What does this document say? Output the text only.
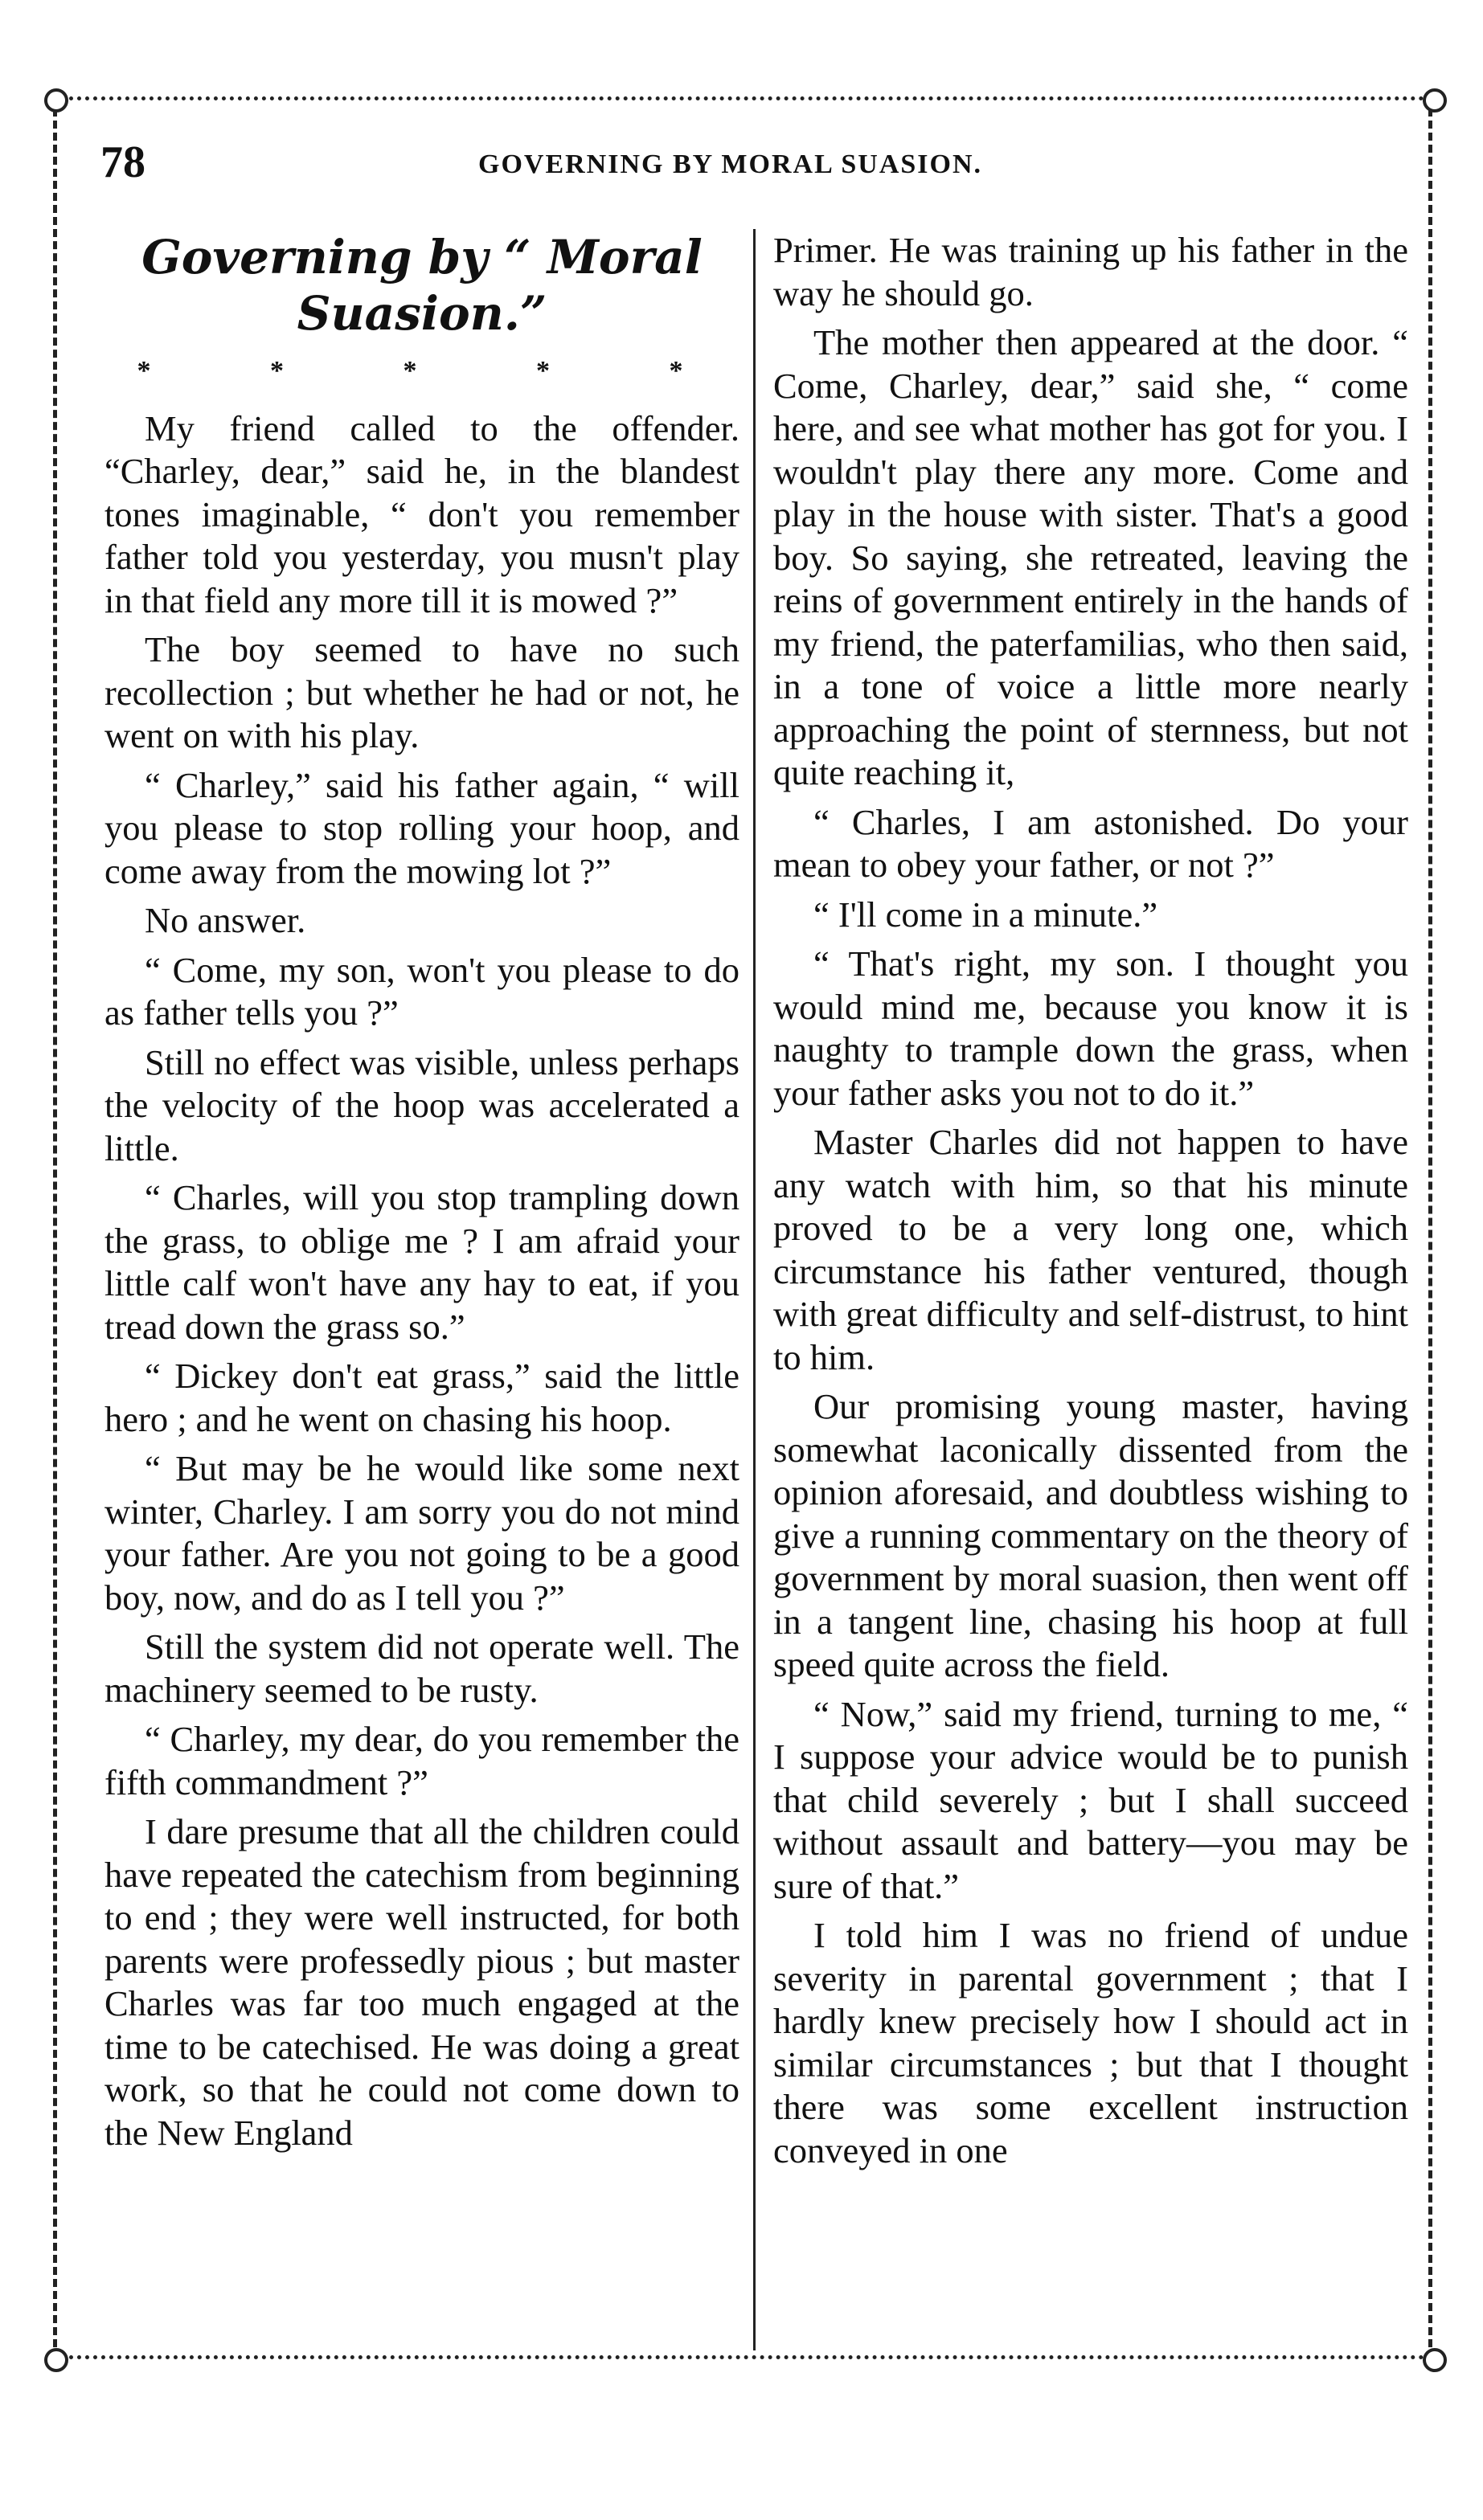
78	GOVERNING BY MORAL SUASION.
Governing by “ Moral Suasion.”
* * * * *

My friend called to the offender. “Charley, dear,” said he, in the blandest tones imaginable, “ don't you remember father told you yesterday, you musn't play in that field any more till it is mowed ?”

The boy seemed to have no such recollection ; but whether he had or not, he went on with his play.

“ Charley,” said his father again, “ will you please to stop rolling your hoop, and come away from the mowing lot ?”

No answer.

“ Come, my son, won't you please to do as father tells you ?”

Still no effect was visible, unless perhaps the velocity of the hoop was accelerated a little.

“ Charles, will you stop trampling down the grass, to oblige me ? I am afraid your little calf won't have any hay to eat, if you tread down the grass so.”

“ Dickey don't eat grass,” said the little hero ; and he went on chasing his hoop.

“ But may be he would like some next winter, Charley. I am sorry you do not mind your father. Are you not going to be a good boy, now, and do as I tell you ?”

Still the system did not operate well. The machinery seemed to be rusty.

“ Charley, my dear, do you remember the fifth commandment ?”

I dare presume that all the children could have repeated the catechism from beginning to end ; they were well instructed, for both parents were professedly pious ; but master Charles was far too much engaged at the time to be catechised. He was doing a great work, so that he could not come down to the New England

Primer. He was training up his father in the way he should go.

The mother then appeared at the door. “ Come, Charley, dear,” said she, “ come here, and see what mother has got for you. I wouldn't play there any more. Come and play in the house with sister. That's a good boy. So saying, she retreated, leaving the reins of government entirely in the hands of my friend, the paterfamilias, who then said, in a tone of voice a little more nearly approaching the point of sternness, but not quite reaching it,

“ Charles, I am astonished. Do your mean to obey your father, or not ?”

“ I'll come in a minute.”

“ That's right, my son. I thought you would mind me, because you know it is naughty to trample down the grass, when your father asks you not to do it.”

Master Charles did not happen to have any watch with him, so that his minute proved to be a very long one, which circumstance his father ventured, though with great difficulty and self-distrust, to hint to him.

Our promising young master, having somewhat laconically dissented from the opinion aforesaid, and doubtless wishing to give a running commentary on the theory of government by moral suasion, then went off in a tangent line, chasing his hoop at full speed quite across the field.

“ Now,” said my friend, turning to me, “ I suppose your advice would be to punish that child severely ; but I shall succeed without assault and battery—you may be sure of that.”

I told him I was no friend of undue severity in parental government ; that I hardly knew precisely how I should act in similar circumstances ; but that I thought there was some excellent instruction conveyed in one
